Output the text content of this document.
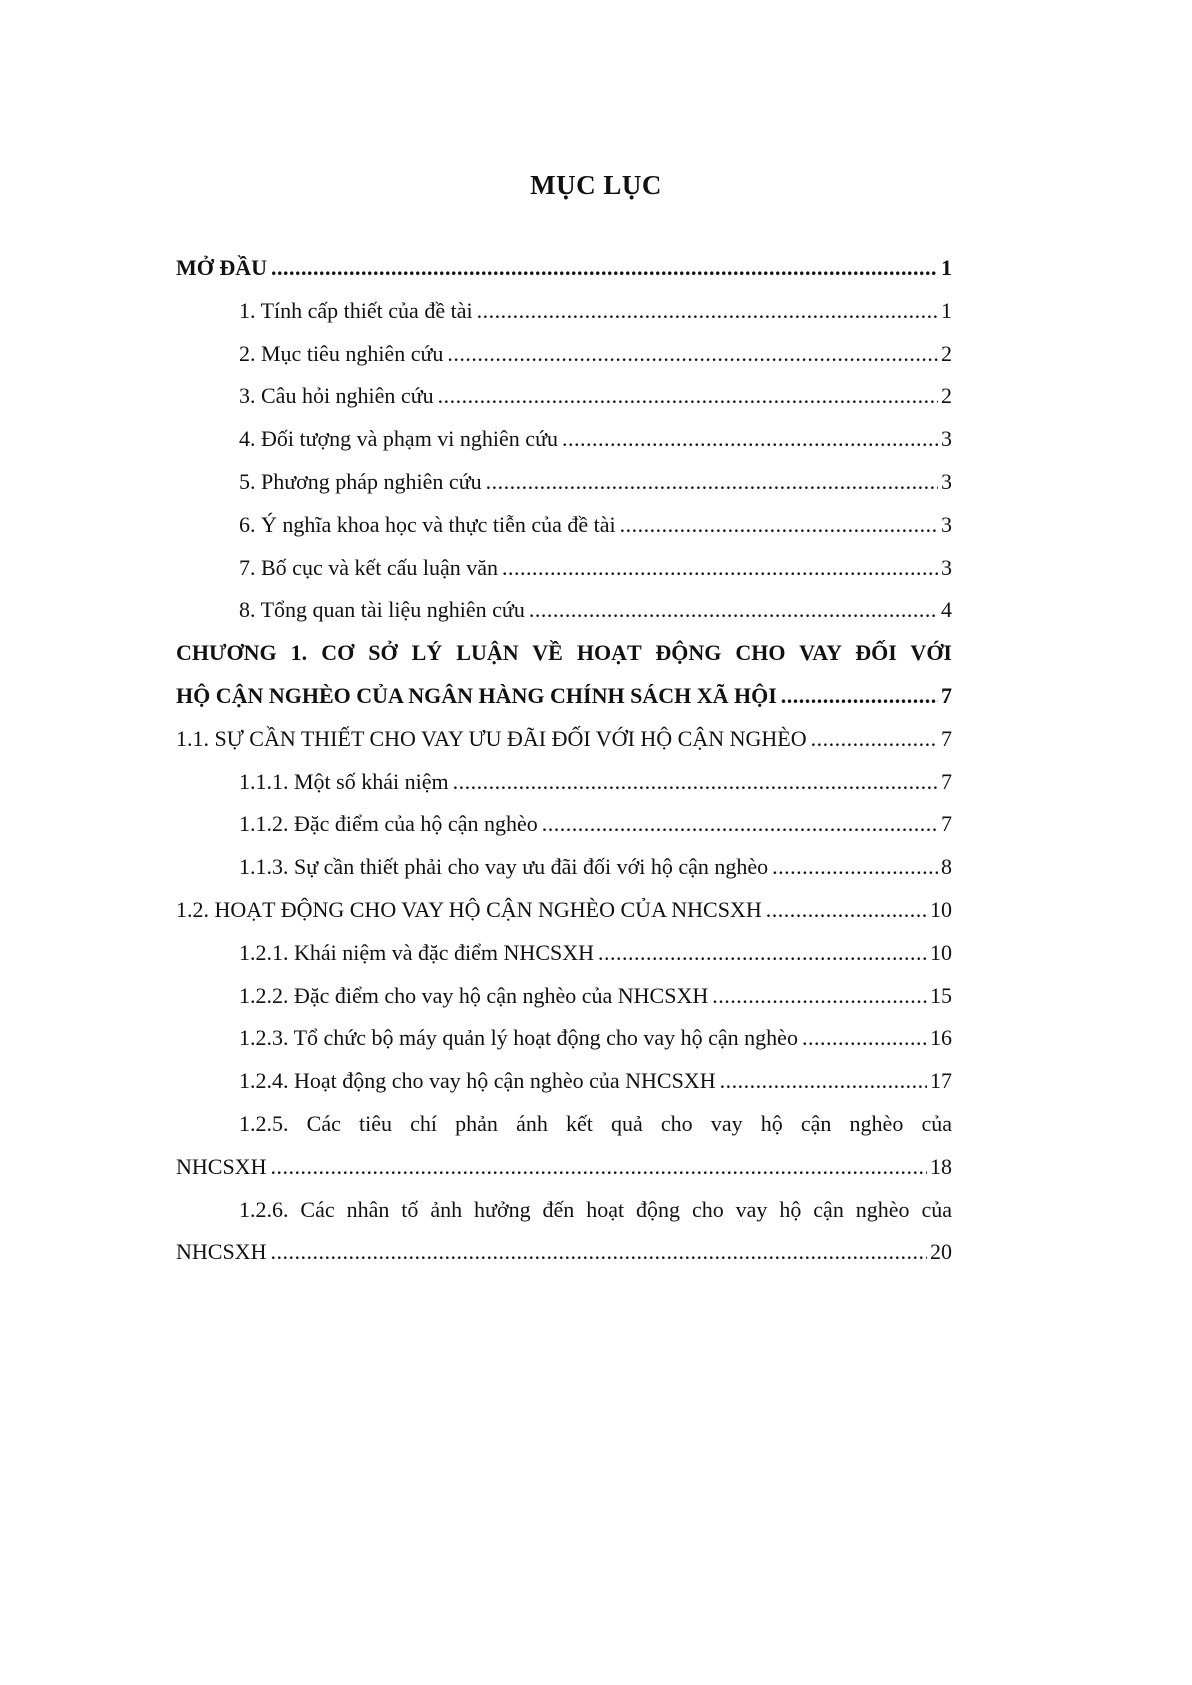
MỤC LỤC
MỞ ĐẦU .....	1
1. Tính cấp thiết của đề tài .....	1
2. Mục tiêu nghiên cứu .....	2
3. Câu hỏi nghiên cứu .....	2
4. Đối tượng và phạm vi nghiên cứu .....	3
5. Phương pháp nghiên cứu .....	3
6. Ý nghĩa khoa học và thực tiễn của đề tài .....	3
7. Bố cục và kết cấu luận văn .....	3
8. Tổng quan tài liệu nghiên cứu .....	4
CHƯƠNG 1. CƠ SỞ LÝ LUẬN VỀ HOẠT ĐỘNG CHO VAY ĐỐI VỚI
HỘ CẬN NGHÈO CỦA NGÂN HÀNG CHÍNH SÁCH XÃ HỘI .....	7
1.1. SỰ CẦN THIẾT CHO VAY ƯU ĐÃI ĐỐI VỚI HỘ CẬN NGHÈO .....	7
1.1.1. Một số khái niệm .....	7
1.1.2. Đặc điểm của hộ cận nghèo .....	7
1.1.3. Sự cần thiết phải cho vay ưu đãi đối với hộ cận nghèo .....	8
1.2. HOẠT ĐỘNG CHO VAY HỘ CẬN NGHÈO CỦA NHCSXH .....	10
1.2.1. Khái niệm và đặc điểm NHCSXH .....	10
1.2.2. Đặc điểm cho vay hộ cận nghèo của NHCSXH .....	15
1.2.3. Tổ chức bộ máy quản lý hoạt động cho vay hộ cận nghèo .....	16
1.2.4. Hoạt động cho vay hộ cận nghèo của NHCSXH .....	17
1.2.5. Các tiêu chí phản ánh kết quả cho vay hộ cận nghèo của
NHCSXH .....	18
1.2.6. Các nhân tố ảnh hưởng đến hoạt động cho vay hộ cận nghèo của
NHCSXH .....	20
